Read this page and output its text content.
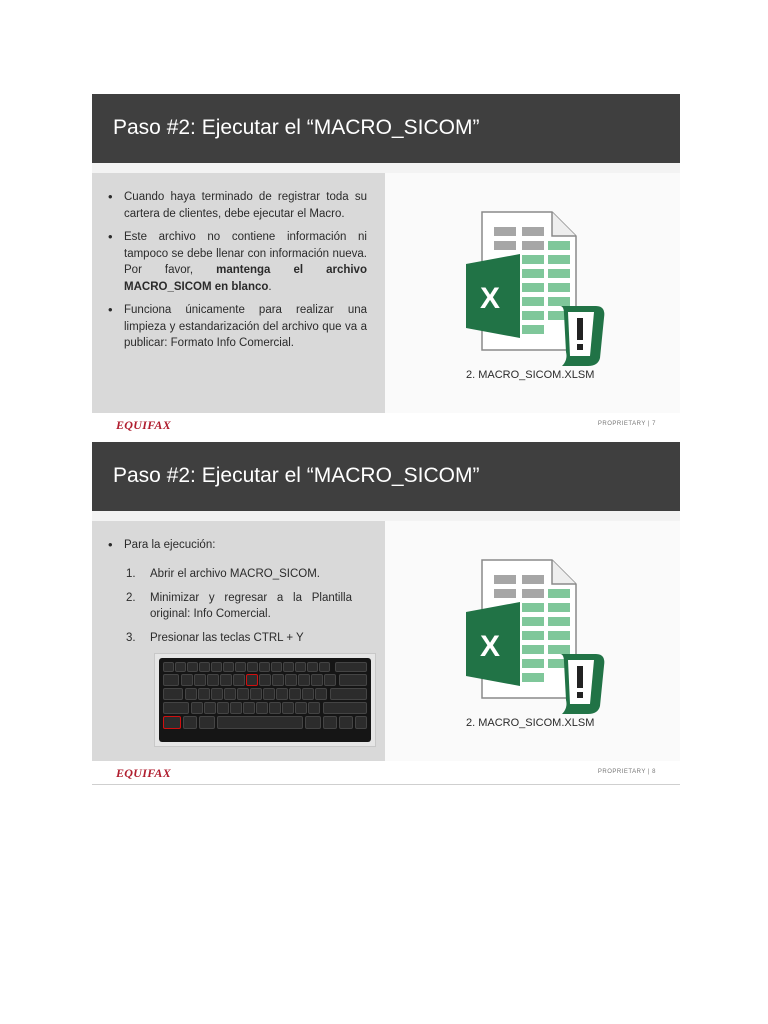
Paso #2: Ejecutar el “MACRO_SICOM”
• Cuando haya terminado de registrar toda su cartera de clientes, debe ejecutar el Macro.
• Este archivo no contiene información ni tampoco se debe llenar con información nueva. Por favor, mantenga el archivo MACRO_SICOM en blanco.
• Funciona únicamente para realizar una limpieza y estandarización del archivo que va a publicar: Formato Info Comercial.
X
2. MACRO_SICOM.XLSM
EQUIFAX	PROPRIETARY | 7
Paso #2: Ejecutar el “MACRO_SICOM”
• Para la ejecución:
1. Abrir el archivo MACRO_SICOM.
2. Minimizar y regresar a la Plantilla original: Info Comercial.
3. Presionar las teclas CTRL + Y	X
2. MACRO_SICOM.XLSM
EQUIFAX	PROPRIETARY | 8
